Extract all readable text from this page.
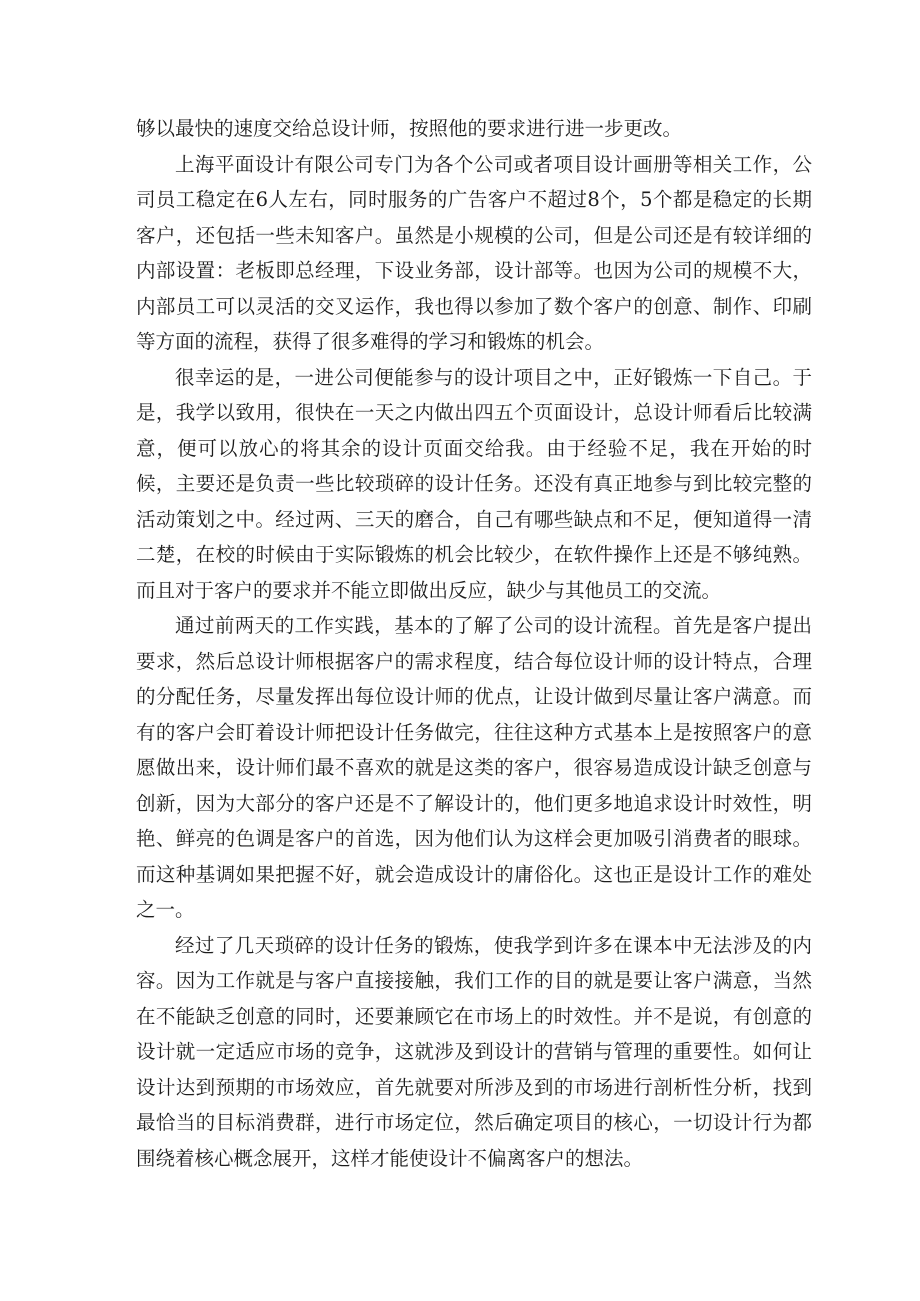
够以最快的速度交给总设计师，按照他的要求进行进一步更改。

上海平面设计有限公司专门为各个公司或者项目设计画册等相关工作，公司员工稳定在6人左右，同时服务的广告客户不超过8个，5个都是稳定的长期客户，还包括一些未知客户。虽然是小规模的公司，但是公司还是有较详细的内部设置：老板即总经理，下设业务部，设计部等。也因为公司的规模不大，内部员工可以灵活的交叉运作，我也得以参加了数个客户的创意、制作、印刷等方面的流程，获得了很多难得的学习和锻炼的机会。

很幸运的是，一进公司便能参与的设计项目之中，正好锻炼一下自己。于是，我学以致用，很快在一天之内做出四五个页面设计，总设计师看后比较满意，便可以放心的将其余的设计页面交给我。由于经验不足，我在开始的时候，主要还是负责一些比较琐碎的设计任务。还没有真正地参与到比较完整的活动策划之中。经过两、三天的磨合，自己有哪些缺点和不足，便知道得一清二楚，在校的时候由于实际锻炼的机会比较少，在软件操作上还是不够纯熟。而且对于客户的要求并不能立即做出反应，缺少与其他员工的交流。

通过前两天的工作实践，基本的了解了公司的设计流程。首先是客户提出要求，然后总设计师根据客户的需求程度，结合每位设计师的设计特点，合理的分配任务，尽量发挥出每位设计师的优点，让设计做到尽量让客户满意。而有的客户会盯着设计师把设计任务做完，往往这种方式基本上是按照客户的意愿做出来，设计师们最不喜欢的就是这类的客户，很容易造成设计缺乏创意与创新，因为大部分的客户还是不了解设计的，他们更多地追求设计时效性，明艳、鲜亮的色调是客户的首选，因为他们认为这样会更加吸引消费者的眼球。而这种基调如果把握不好，就会造成设计的庸俗化。这也正是设计工作的难处之一。

经过了几天琐碎的设计任务的锻炼，使我学到许多在课本中无法涉及的内容。因为工作就是与客户直接接触，我们工作的目的就是要让客户满意，当然在不能缺乏创意的同时，还要兼顾它在市场上的时效性。并不是说，有创意的设计就一定适应市场的竞争，这就涉及到设计的营销与管理的重要性。如何让设计达到预期的市场效应，首先就要对所涉及到的市场进行剖析性分析，找到最恰当的目标消费群，进行市场定位，然后确定项目的核心，一切设计行为都围绕着核心概念展开，这样才能使设计不偏离客户的想法。
